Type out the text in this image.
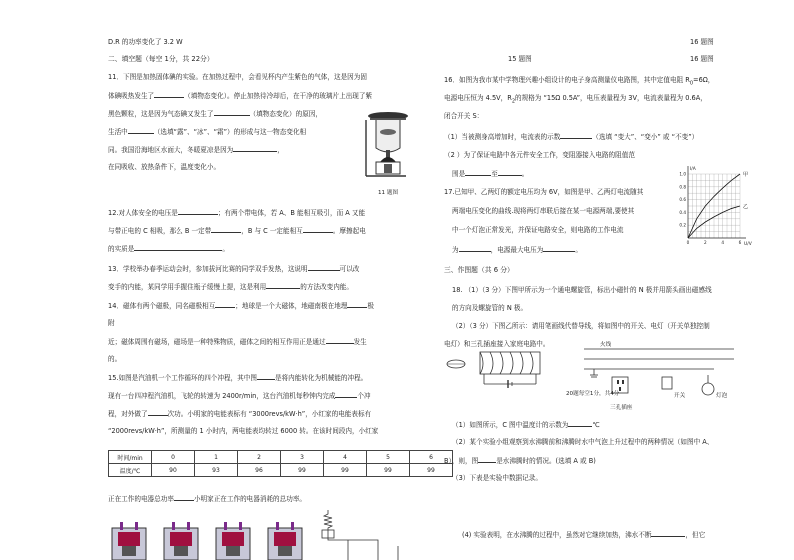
D.R 的功率变化了 3.2 W
二、填空题（每空 1分，共 22分）
11．下图是加热固体碘的实验。在加热过程中，会看见杯内产生紫色的气体，这是因为固
体碘吸热发生了	（填物态变化）。停止加热待冷却后，在干净的玻璃片上出现了紫
黑色颗粒，这是因为气态碘又发生了	（填物态变化）的原因，
生活中	（选填“露”、“冰”、“霜”）的形成与这一物态变化相
同。我国沿海地区水面大，冬暖夏凉是因为	，
在同吸收、放热条件下，温度变化小。
11 题图
12.对人体安全的电压是	；有两个带电体，若 A、B 能相互吸引，而 A 又能
与带正电的 C 相吸，那么 B 一定带	，B 与 C 一定能相互	。摩擦起电
的实质是	。
13．学校举办春季运动会时，参加拔河比赛的同学双手发热，这说明	可以改
变手的内能，某同学用手握住瓶子缓慢上提，这是利用	的方法改变内能。
14．磁体有两个磁极，同名磁极相互	；地球是一个大磁体，地磁南极在地理	极
附
近；磁体周围有磁场，磁场是一种特殊物质，磁体之间的相互作用正是通过	发生
的。
15.如图是汽油机一个工作循环的四个冲程，其中图	是将内能转化为机械能的冲程。
现有一台四冲程汽油机，飞轮的转速为 2400r/min，这台汽油机每秒钟内完成	个冲
程，对外做了	次功。小明家的电能表标有 “3000revs/kW·h”，小红家的电能表标有
“2000revs/kW·h”，所测量的 1 小时内，两电能表均转过 6000 转。在该时间段内，小红家
时间/min	0	1	2	3	4	5	6
温度/℃	90	93	96	99	99	99	99
正在工作的电器总功率	小明家正在工作的电器消耗的总功率。
16 题图
15 题图	16 题图
16．如图为我市某中学物理兴趣小组设计的电子身高测量仪电路图，其中定值电阻 $R_0=6\Omega$，
电源电压恒为 4.5V，$R_2$的规格为 “15Ω 0.5A”，电压表量程为 3V，电流表量程为 0.6A，
闭合开关 S：
（1）当被测身高增加时，电流表的示数	（选填 “变大”、“变小” 或 “不变”）
（2 ）为了保证电路中各元件安全工作，变阻器接入电路的阻值范
围是	至	。
17.已知甲、乙两灯的额定电压均为 6V，如图是甲、乙两灯电流随其
两端电压变化的曲线.现将两灯串联后接在某一电源两端,要使其
中一个灯泡正常发光，并保证电路安全，则电路的工作电流
为	，电源最大电压为	。
0.2
0.4
0.6
0.8
1.0
0	2	4	6
I/A
U/V
甲
乙
三、作图题（共 6 分）
18. （1）（3 分）下图甲所示为一个通电螺旋管，标出小磁针的 N 极并用箭头画出磁感线
的方向及螺旋管的 N 极。
（2）（3 分）下图乙所示：请用笔画线代替导线，将如图中的开关、电灯（开关单独控制
电灯）和三孔插座接入家庭电路中。	火线
20题每空1分，共4分
三孔插座
开关	灯泡
（1）如图所示，C 图中温度计的示数为	℃
（2）某个实验小组观察到水沸腾前和沸腾时水中气泡上升过程中的两种情况（如图中 A、
B），则，图	是水沸腾时的情况。(选填 A 或 B)
（3）下表是实验中数据记录。
(4) 实验表明，在水沸腾的过程中，虽然对它继续加热，沸水不断	，但它
